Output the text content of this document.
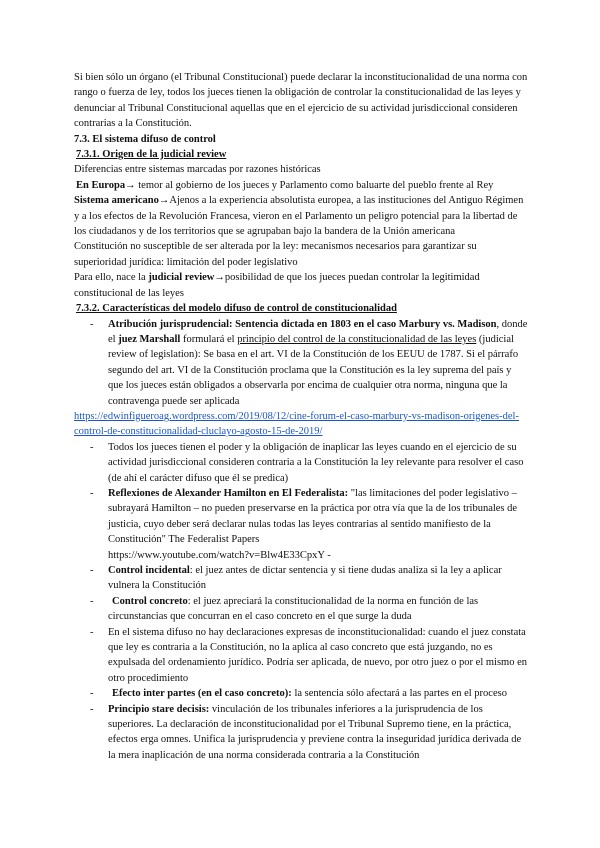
Si bien sólo un órgano (el Tribunal Constitucional) puede declarar la inconstitucionalidad de una norma con rango o fuerza de ley, todos los jueces tienen la obligación de controlar la constitucionalidad de las leyes y denunciar al Tribunal Constitucional aquellas que en el ejercicio de su actividad jurisdiccional consideren contrarias a la Constitución.

7.3. El sistema difuso de control

7.3.1. Origen de la judicial review

Diferencias entre sistemas marcadas por razones históricas

En Europa→ temor al gobierno de los jueces y Parlamento como baluarte del pueblo frente al Rey

Sistema americano→Ajenos a la experiencia absolutista europea, a las instituciones del Antiguo Régimen y a los efectos de la Revolución Francesa, vieron en el Parlamento un peligro potencial para la libertad de los ciudadanos y de los territorios que se agrupaban bajo la bandera de la Unión americana

Constitución no susceptible de ser alterada por la ley: mecanismos necesarios para garantizar su superioridad jurídica: limitación del poder legislativo

Para ello, nace la judicial review→posibilidad de que los jueces puedan controlar la legitimidad constitucional de las leyes

7.3.2. Características del modelo difuso de control de constitucionalidad

- Atribución jurisprudencial: Sentencia dictada en 1803 en el caso Marbury vs. Madison, donde el juez Marshall formulará el principio del control de la constitucionalidad de las leyes (judicial review of legislation): Se basa en el art. VI de la Constitución de los EEUU de 1787. Si el párrafo segundo del art. VI de la Constitución proclama que la Constitución es la ley suprema del país y que los jueces están obligados a observarla por encima de cualquier otra norma, ninguna que la contravenga puede ser aplicada

https://edwinfigueroag.wordpress.com/2019/08/12/cine-forum-el-caso-marbury-vs-madison-origenes-del-control-de-constitucionalidad-cluclayo-agosto-15-de-2019/

- Todos los jueces tienen el poder y la obligación de inaplicar las leyes cuando en el ejercicio de su actividad jurisdiccional consideren contraria a la Constitución la ley relevante para resolver el caso (de ahí el carácter difuso que él se predica)
- Reflexiones de Alexander Hamilton en El Federalista: "las limitaciones del poder legislativo – subrayará Hamilton – no pueden preservarse en la práctica por otra vía que la de los tribunales de justicia, cuyo deber será declarar nulas todas las leyes contrarias al sentido manifiesto de la Constitución" The Federalist Papers
https://www.youtube.com/watch?v=Blw4E33CpxY -
- Control incidental: el juez antes de dictar sentencia y si tiene dudas analiza si la ley a aplicar vulnera la Constitución
- Control concreto: el juez apreciará la constitucionalidad de la norma en función de las circunstancias que concurran en el caso concreto en el que surge la duda
- En el sistema difuso no hay declaraciones expresas de inconstitucionalidad: cuando el juez constata que ley es contraria a la Constitución, no la aplica al caso concreto que está juzgando, no es expulsada del ordenamiento jurídico. Podría ser aplicada, de nuevo, por otro juez o por el mismo en otro procedimiento
- Efecto inter partes (en el caso concreto): la sentencia sólo afectará a las partes en el proceso
- Principio stare decisis: vinculación de los tribunales inferiores a la jurisprudencia de los superiores. La declaración de inconstitucionalidad por el Tribunal Supremo tiene, en la práctica, efectos erga omnes. Unifica la jurisprudencia y previene contra la inseguridad jurídica derivada de la mera inaplicación de una norma considerada contraria a la Constitución
